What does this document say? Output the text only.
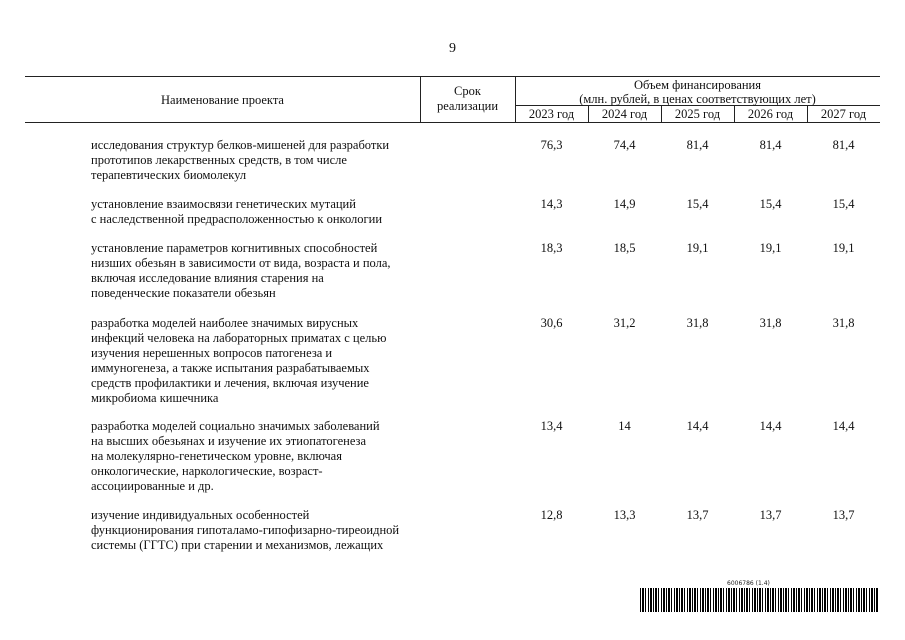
9
Наименование проекта
Срок
реализации
Объем финансирования
(млн. рублей, в ценах соответствующих лет)
2023 год	2024 год	2025 год	2026 год	2027 год
исследования структур белков-мишеней для разработки
прототипов лекарственных средств, в том числе
терапевтических биомолекул
76,3	74,4	81,4	81,4	81,4
установление взаимосвязи генетических мутаций
с наследственной предрасположенностью к онкологии
14,3	14,9	15,4	15,4	15,4
установление параметров когнитивных способностей
низших обезьян в зависимости от вида, возраста и пола,
включая исследование влияния старения на
поведенческие показатели обезьян
18,3	18,5	19,1	19,1	19,1
разработка моделей наиболее значимых вирусных
инфекций человека на лабораторных приматах с целью
изучения нерешенных вопросов патогенеза и
иммуногенеза, а также испытания разрабатываемых
средств профилактики и лечения, включая изучение
микробиома кишечника
30,6	31,2	31,8	31,8	31,8
разработка моделей социально значимых заболеваний
на высших обезьянах и изучение их этиопатогенеза
на молекулярно-генетическом уровне, включая
онкологические, наркологические, возраст-
ассоциированные и др.
13,4	14	14,4	14,4	14,4
изучение индивидуальных особенностей
функционирования гипоталамо-гипофизарно-тиреоидной
системы (ГГТС) при старении и механизмов, лежащих
12,8	13,3	13,7	13,7	13,7
6006786 (1.4)
